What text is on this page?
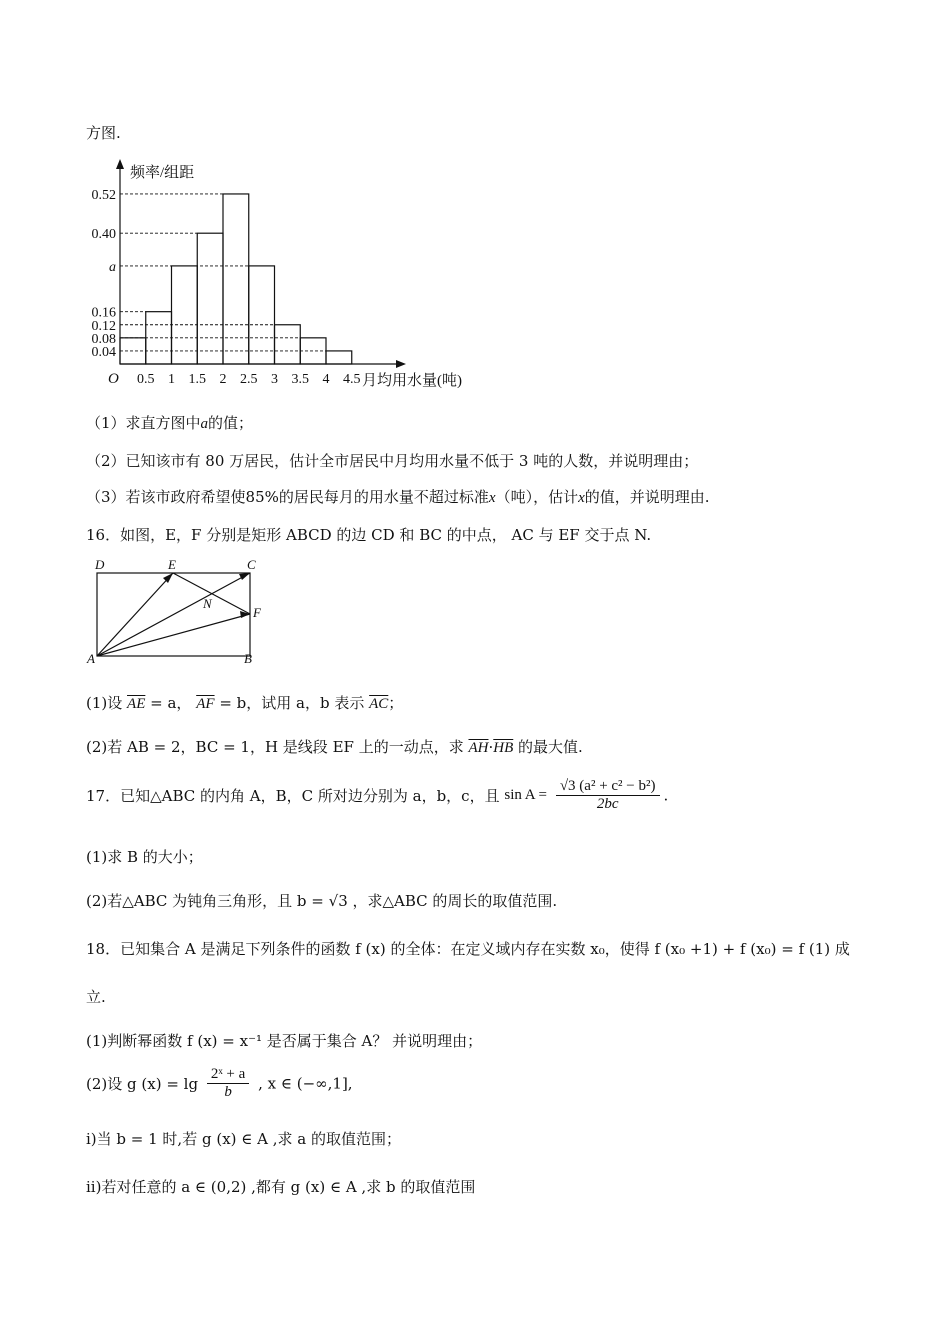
方图.
0.52
0.40
a
0.16
0.12
0.08
0.04
O 0.5 1 1.5 2 2.5 3 3.5 4 4.5
频率/组距
月均用水量(吨)
（1）求直方图中a的值；
（2）已知该市有 80 万居民，估计全市居民中月均用水量不低于 3 吨的人数，并说明理由；
（3）若该市政府希望使85%的居民每月的用水量不超过标准x（吨），估计x的值，并说明理由.
16．如图，E，F 分别是矩形 ABCD 的边 CD 和 BC 的中点， AC 与 EF 交于点 N.
D	E	C
N
F
A	B
(1)设 $\overline{AE} = a$， $\overline{AF} = b$，试用 a，b 表示 $\overline{AC}$；
(2)若 AB = 2，BC = 1，H 是线段 EF 上的一动点，求 $\overline{AH}\cdot\overline{HB}$ 的最大值.
17．已知△ABC 的内角 A，B，C 所对边分别为 a，b，c，且 $\sin A = \frac{\text{√3 (a² + c² − b²)}}{2bc}$ .
(1)求 B 的大小；
(2)若△ABC 为钝角三角形，且 b = √3 ，求△ABC 的周长的取值范围.
18．已知集合 A 是满足下列条件的函数 f (x) 的全体：在定义域内存在实数 x₀，使得 f (x₀ +1) + f (x₀) = f (1) 成
立.
(1)判断幂函数 f (x) = x⁻¹ 是否属于集合 A？ 并说明理由；
(2)设 g $(x) = \lg \frac{\text{2ˣ + a}}{b}$ , x ∈ (−∞,1],
i)当 b = 1 时,若 g (x) ∈ A ,求 a 的取值范围；
ii)若对任意的 a ∈ (0,2) ,都有 g (x) ∈ A ,求 b 的取值范围
